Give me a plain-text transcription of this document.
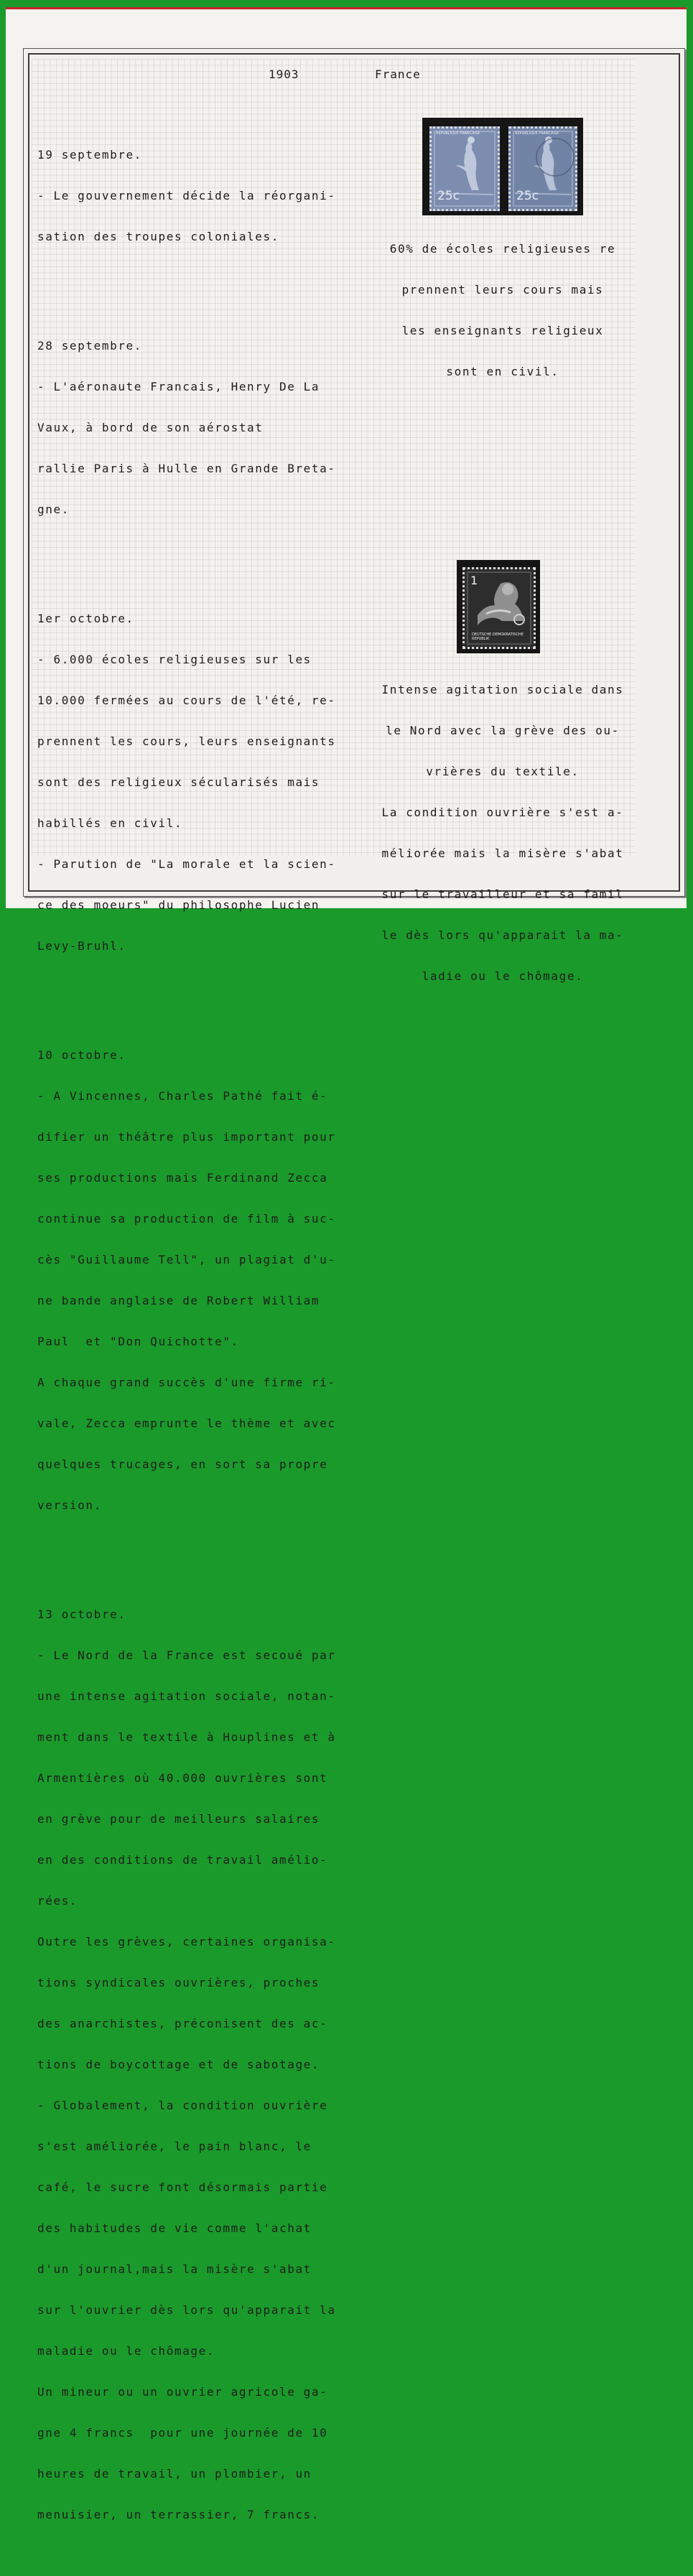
1903	France

19 septembre.

- Le gouvernement décide la réorgani-

sation des troupes coloniales.

28 septembre.

- L'aéronaute Francais, Henry De La

Vaux, à bord de son aérostat

rallie Paris à Hulle en Grande Breta-

gne.

1er octobre.

- 6.000 écoles religieuses sur les

10.000 fermées au cours de l'été, re-

prennent les cours, leurs enseignants

sont des religieux sécularisés mais

habillés en civil.

- Parution de "La morale et la scien-

ce des moeurs" du philosophe Lucien

Levy-Bruhl.

10 octobre.

- A Vincennes, Charles Pathé fait é-

difier un théâtre plus important pour

ses productions mais Ferdinand Zecca

continue sa production de film à suc-

cès "Guillaume Tell", un plagiat d'u-

ne bande anglaise de Robert William

Paul  et "Don Quichotte".

A chaque grand succès d'une firme ri-

vale, Zecca emprunte le thème et avec

quelques trucages, en sort sa propre

version.

13 octobre.

- Le Nord de la France est secoué par

une intense agitation sociale, notan-

ment dans le textile à Houplines et à

Armentières où 40.000 ouvrières sont

en grève pour de meilleurs salaires

en des conditions de travail amélio-

rées.

Outre les grèves, certaines organisa-

tions syndicales ouvrières, proches

des anarchistes, préconisent des ac-

tions de boycottage et de sabotage.

- Globalement, la condition ouvrière

s'est améliorée, le pain blanc, le

café, le sucre font désormais partie

des habitudes de vie comme l'achat

d'un journal,mais la misère s'abat

sur l'ouvrier dès lors qu'apparait la

maladie ou le chômage.

Un mineur ou un ouvrier agricole ga-

gne 4 francs  pour une journée de 10

heures de travail, un plombier, un

menuisier, un terrassier, 7 francs.

REPUBLIQUE FRANCAISE
25c
REPUBLIQUE FRANCAISE
25c

60% de écoles religieuses re

prennent leurs cours mais

les enseignants religieux

sont en civil.

1
DEUTSCHE DEMOKRATISCHE REPUBLIK

Intense agitation sociale dans

le Nord avec la grève des ou-

vrières du textile.

La condition ouvrière s'est a-

méliorée mais la misère s'abat

sur le travailleur et sa famil

le dès lors qu'apparait la ma-

ladie ou le chômage.
